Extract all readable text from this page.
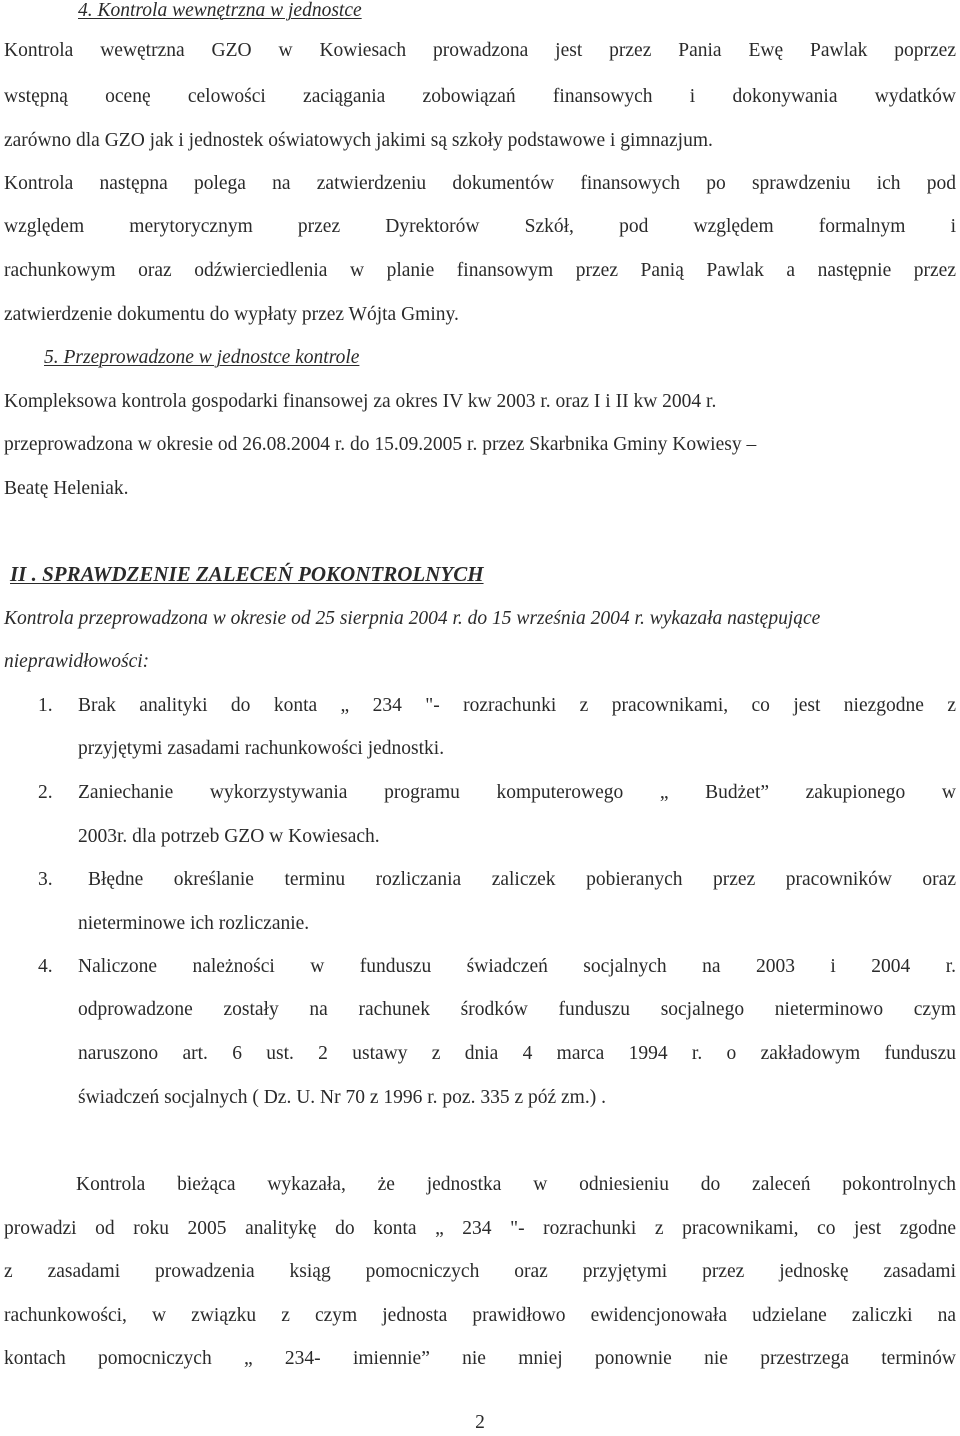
4. Kontrola wewnętrzna w jednostce
Kontrola wewętrzna GZO w Kowiesach prowadzona jest przez Pania Ewę Pawlak poprzez
wstępną ocenę celowości zaciągania zobowiązań finansowych i dokonywania wydatków
zarówno dla GZO jak i jednostek oświatowych jakimi są szkoły podstawowe i gimnazjum.
Kontrola następna polega na zatwierdzeniu dokumentów finansowych po sprawdzeniu ich pod
względem merytorycznym przez Dyrektorów Szkół, pod względem formalnym i
rachunkowym oraz odźwierciedlenia w planie finansowym przez Panią Pawlak a następnie przez
zatwierdzenie dokumentu do wypłaty przez Wójta Gminy.
5. Przeprowadzone w jednostce kontrole
Kompleksowa kontrola gospodarki finansowej za okres IV kw 2003 r. oraz I i II kw 2004 r.
przeprowadzona w okresie od 26.08.2004 r. do 15.09.2005 r. przez Skarbnika Gminy Kowiesy –
Beatę Heleniak.
II . SPRAWDZENIE ZALECEŃ POKONTROLNYCH
Kontrola przeprowadzona w okresie od 25 sierpnia 2004 r. do 15 września 2004 r. wykazała następujące
nieprawidłowości:
1. Brak analityki do konta „ 234 "- rozrachunki z pracownikami, co jest niezgodne z
przyjętymi zasadami rachunkowości jednostki.
2. Zaniechanie wykorzystywania programu komputerowego „ Budżet” zakupionego w
2003r. dla potrzeb GZO w Kowiesach.
3. Błędne określanie terminu rozliczania zaliczek pobieranych przez pracowników oraz
nieterminowe ich rozliczanie.
4. Naliczone należności w funduszu świadczeń socjalnych na 2003 i 2004 r.
odprowadzone zostały na rachunek środków funduszu socjalnego nieterminowo czym
naruszono art. 6 ust. 2 ustawy z dnia 4 marca 1994 r. o zakładowym funduszu
świadczeń socjalnych ( Dz. U. Nr 70 z 1996 r. poz. 335 z póź zm.) .
Kontrola bieżąca wykazała, że jednostka w odniesieniu do zaleceń pokontrolnych
prowadzi od roku 2005 analitykę do konta „ 234 "- rozrachunki z pracownikami, co jest zgodne
z zasadami prowadzenia ksiąg pomocniczych oraz przyjętymi przez jednoskę zasadami
rachunkowości, w związku z czym jednosta prawidłowo ewidencjonowała udzielane zaliczki na
kontach pomocniczych „ 234- imiennie” nie mniej ponownie nie przestrzega terminów
2
